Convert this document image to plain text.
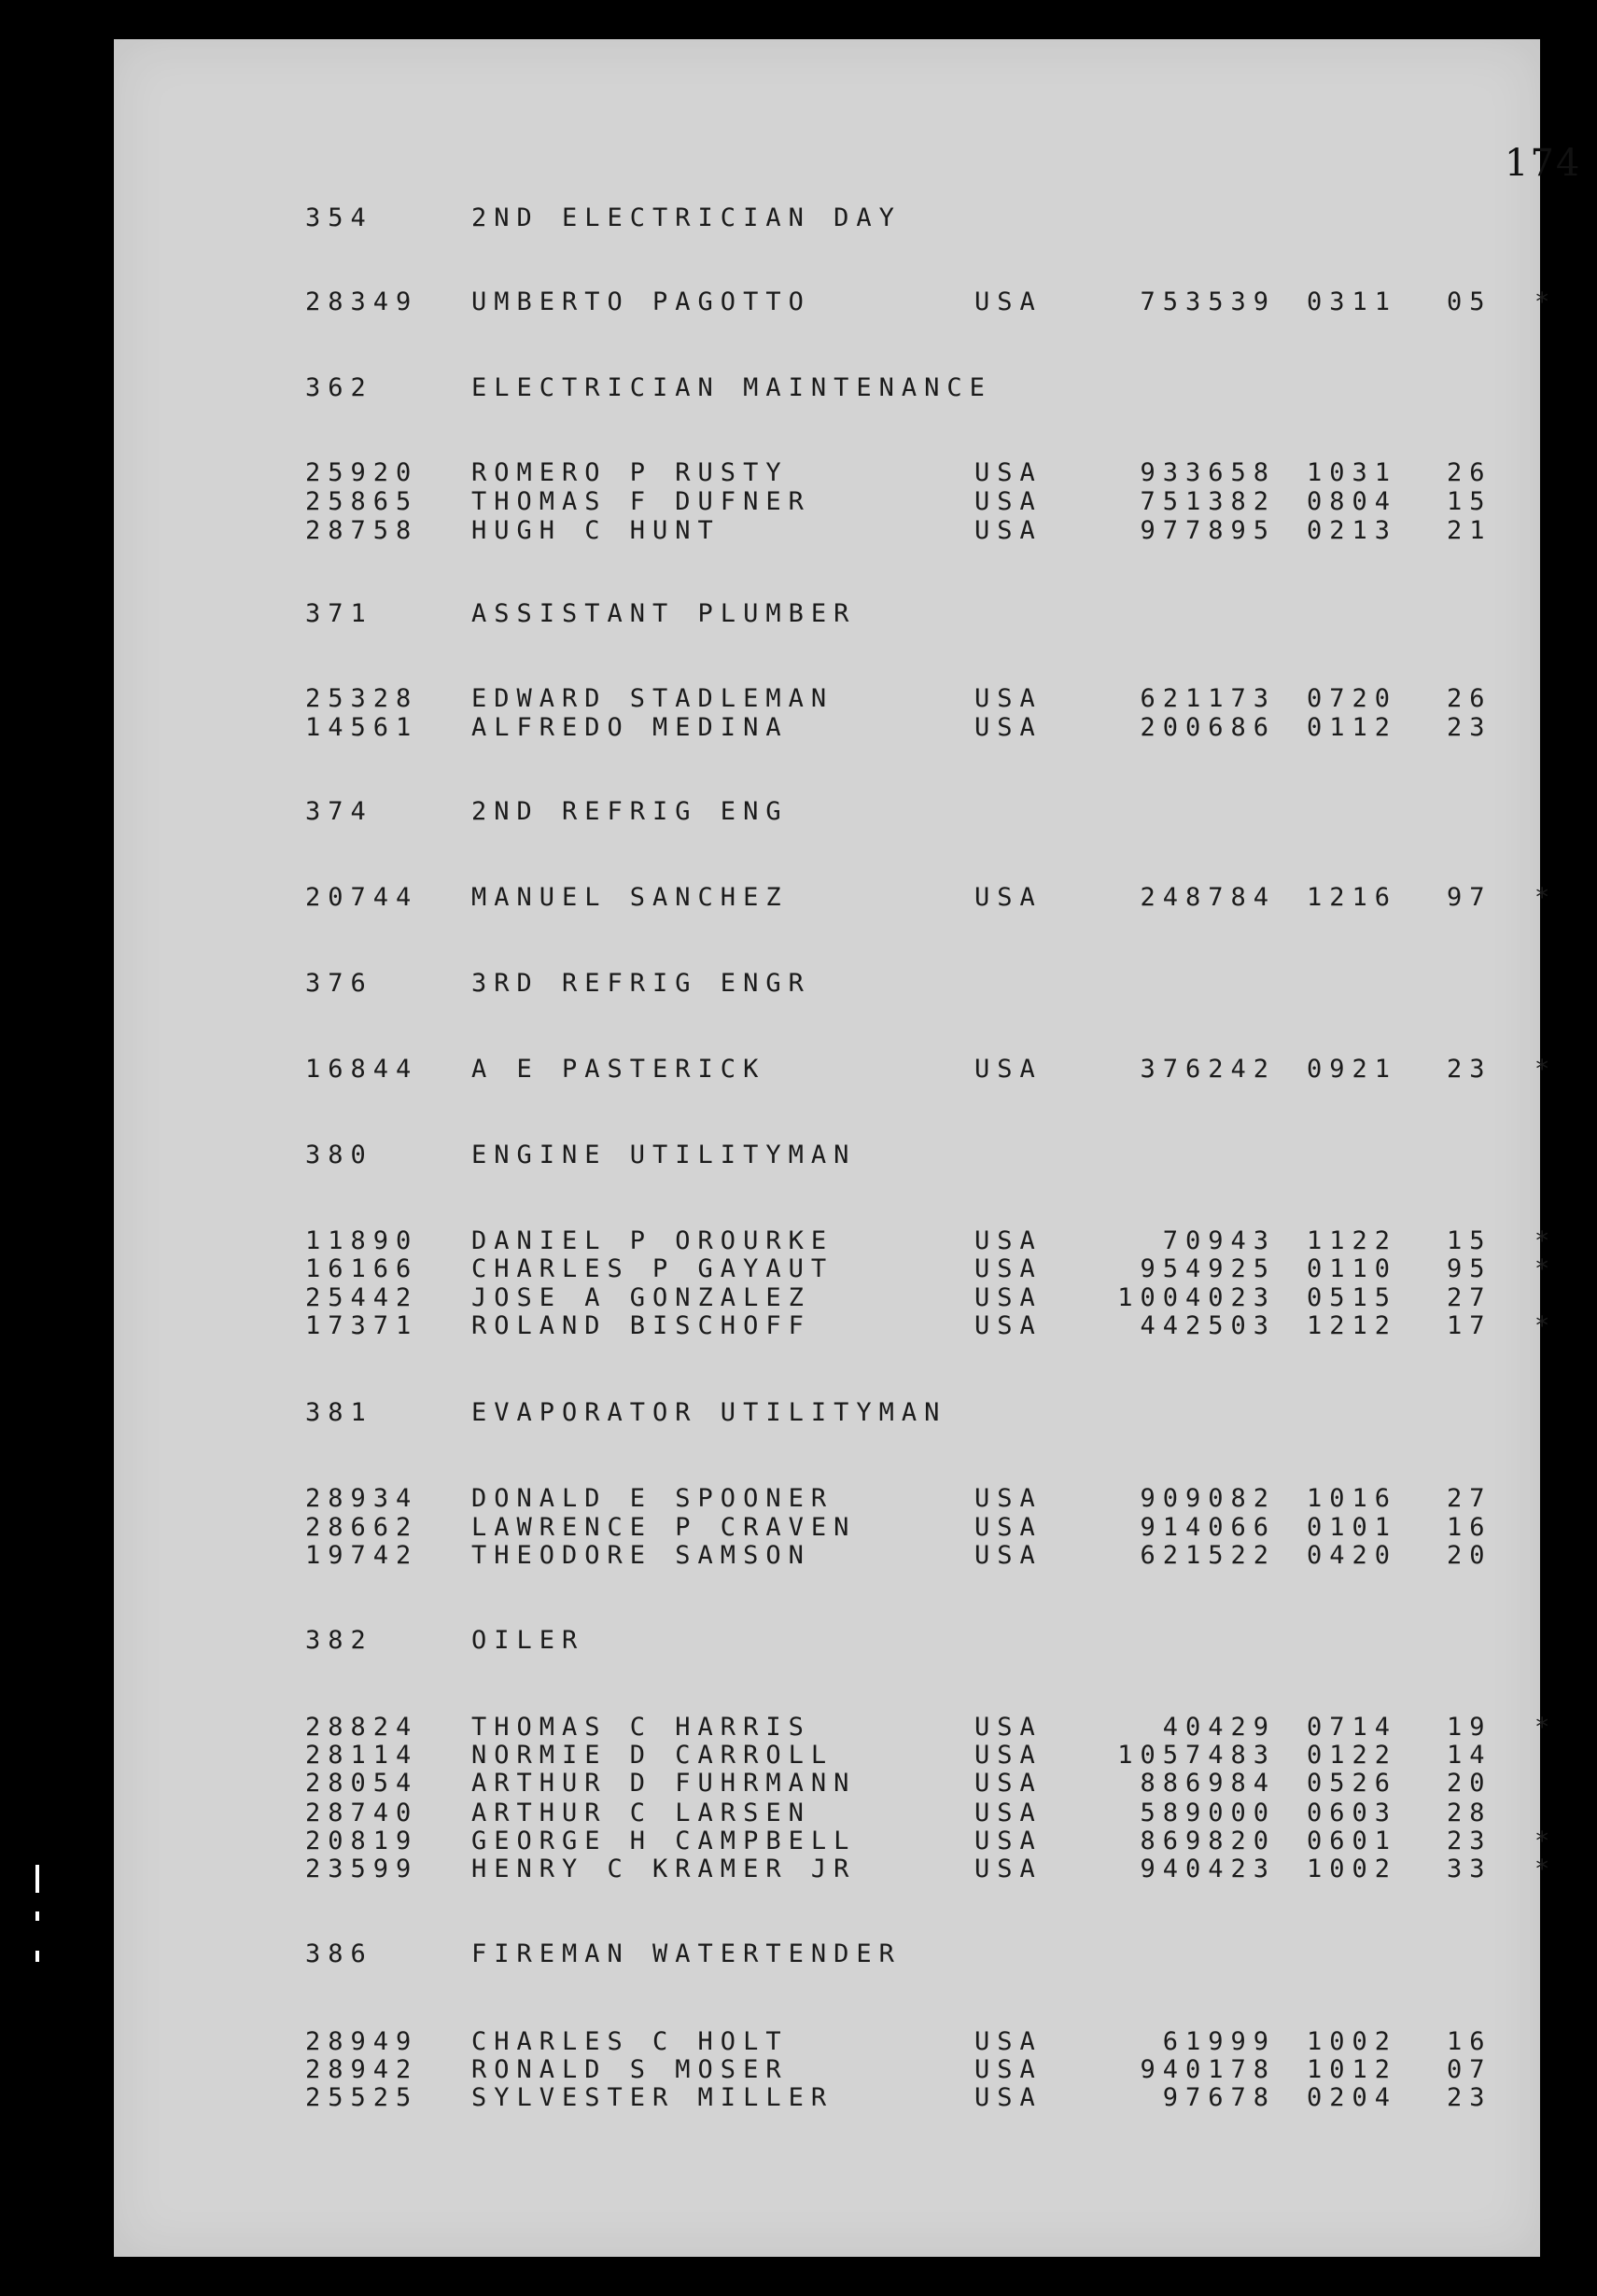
174
354	2ND ELECTRICIAN DAY
28349 UMBERTO PAGOTTO	USA	753539 0311 05 *
362	ELECTRICIAN MAINTENANCE
25920 ROMERO P RUSTY	USA	933658 1031 26
25865 THOMAS F DUFNER	USA	751382 0804 15
28758 HUGH C HUNT	USA	977895 0213 21
371	ASSISTANT PLUMBER
25328 EDWARD STADLEMAN	USA	621173 0720 26
14561 ALFREDO MEDINA	USA	200686 0112 23
374	2ND REFRIG ENG
20744 MANUEL SANCHEZ	USA	248784 1216 97 *
376	3RD REFRIG ENGR
16844 A E PASTERICK	USA	376242 0921 23 *
380	ENGINE UTILITYMAN
11890 DANIEL P OROURKE	USA	70943 1122 15 *
16166 CHARLES P GAYAUT	USA	954925 0110 95 *
25442 JOSE A GONZALEZ	USA	1004023 0515 27
17371 ROLAND BISCHOFF	USA	442503 1212 17 *
381	EVAPORATOR UTILITYMAN
28934 DONALD E SPOONER	USA	909082 1016 27
28662 LAWRENCE P CRAVEN	USA	914066 0101 16
19742 THEODORE SAMSON	USA	621522 0420 20
382	OILER
28824 THOMAS C HARRIS	USA	40429 0714 19 *
28114 NORMIE D CARROLL	USA	1057483 0122 14
28054 ARTHUR D FUHRMANN	USA	886984 0526 20
28740 ARTHUR C LARSEN	USA	589000 0603 28
20819 GEORGE H CAMPBELL	USA	869820 0601 23 *
23599 HENRY C KRAMER JR	USA	940423 1002 33 *
386	FIREMAN WATERTENDER
28949 CHARLES C HOLT	USA	61999 1002 16
28942 RONALD S MOSER	USA	940178 1012 07
25525 SYLVESTER MILLER	USA	97678 0204 23
